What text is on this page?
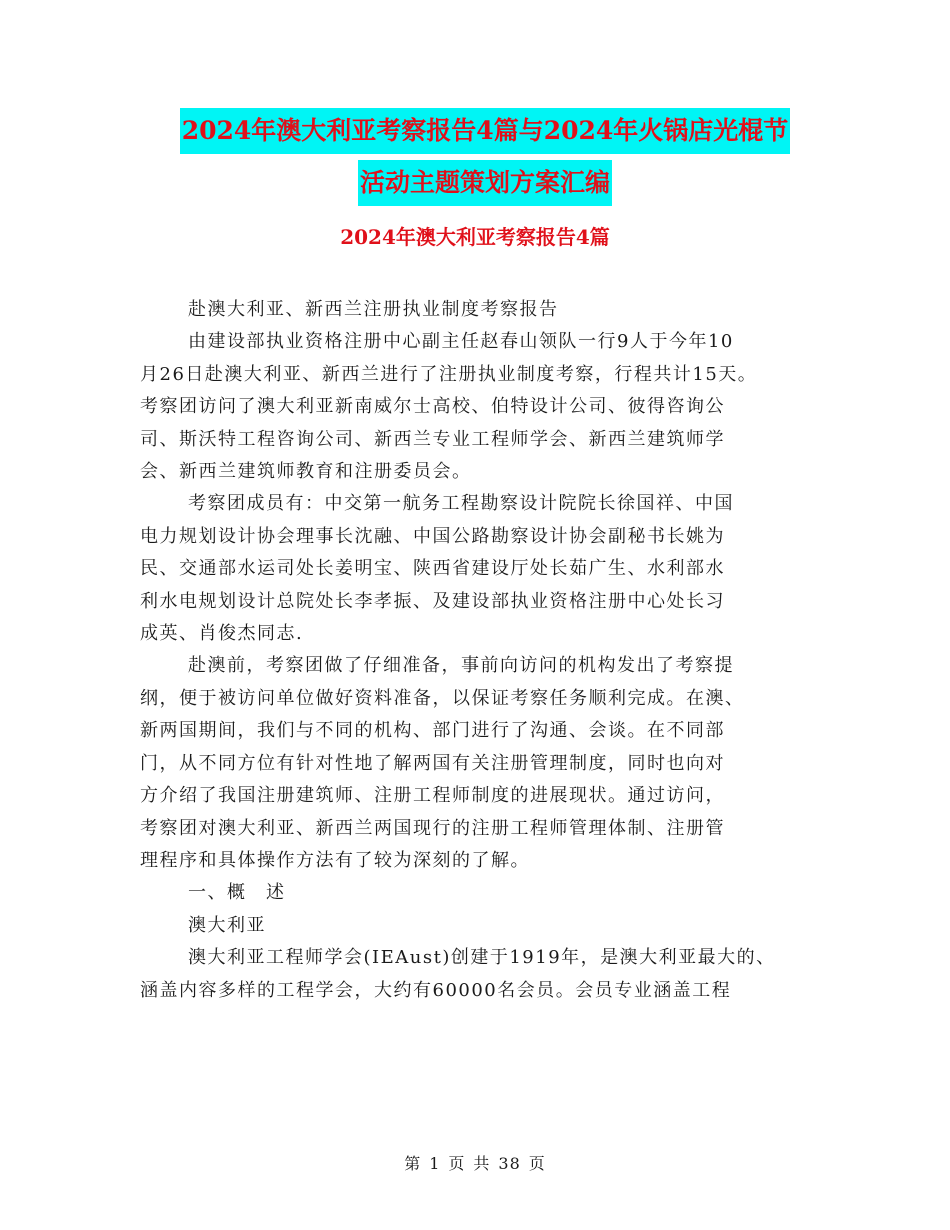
2024年澳大利亚考察报告4篇与2024年火锅店光棍节
活动主题策划方案汇编
2024年澳大利亚考察报告4篇

赴澳大利亚、新西兰注册执业制度考察报告

由建设部执业资格注册中心副主任赵春山领队一行9人于今年10

月26日赴澳大利亚、新西兰进行了注册执业制度考察，行程共计15天。

考察团访问了澳大利亚新南威尔士高校、伯特设计公司、彼得咨询公

司、斯沃特工程咨询公司、新西兰专业工程师学会、新西兰建筑师学

会、新西兰建筑师教育和注册委员会。

考察团成员有：中交第一航务工程勘察设计院院长徐国祥、中国

电力规划设计协会理事长沈融、中国公路勘察设计协会副秘书长姚为

民、交通部水运司处长姜明宝、陕西省建设厅处长茹广生、水利部水

利水电规划设计总院处长李孝振、及建设部执业资格注册中心处长习

成英、肖俊杰同志.

赴澳前，考察团做了仔细准备，事前向访问的机构发出了考察提

纲，便于被访问单位做好资料准备，以保证考察任务顺利完成。在澳、

新两国期间，我们与不同的机构、部门进行了沟通、会谈。在不同部

门，从不同方位有针对性地了解两国有关注册管理制度，同时也向对

方介绍了我国注册建筑师、注册工程师制度的进展现状。通过访问，

考察团对澳大利亚、新西兰两国现行的注册工程师管理体制、注册管

理程序和具体操作方法有了较为深刻的了解。

一、概　述

澳大利亚

澳大利亚工程师学会(IEAust)创建于1919年，是澳大利亚最大的、

涵盖内容多样的工程学会，大约有60000名会员。会员专业涵盖工程

第 1 页 共 38 页
